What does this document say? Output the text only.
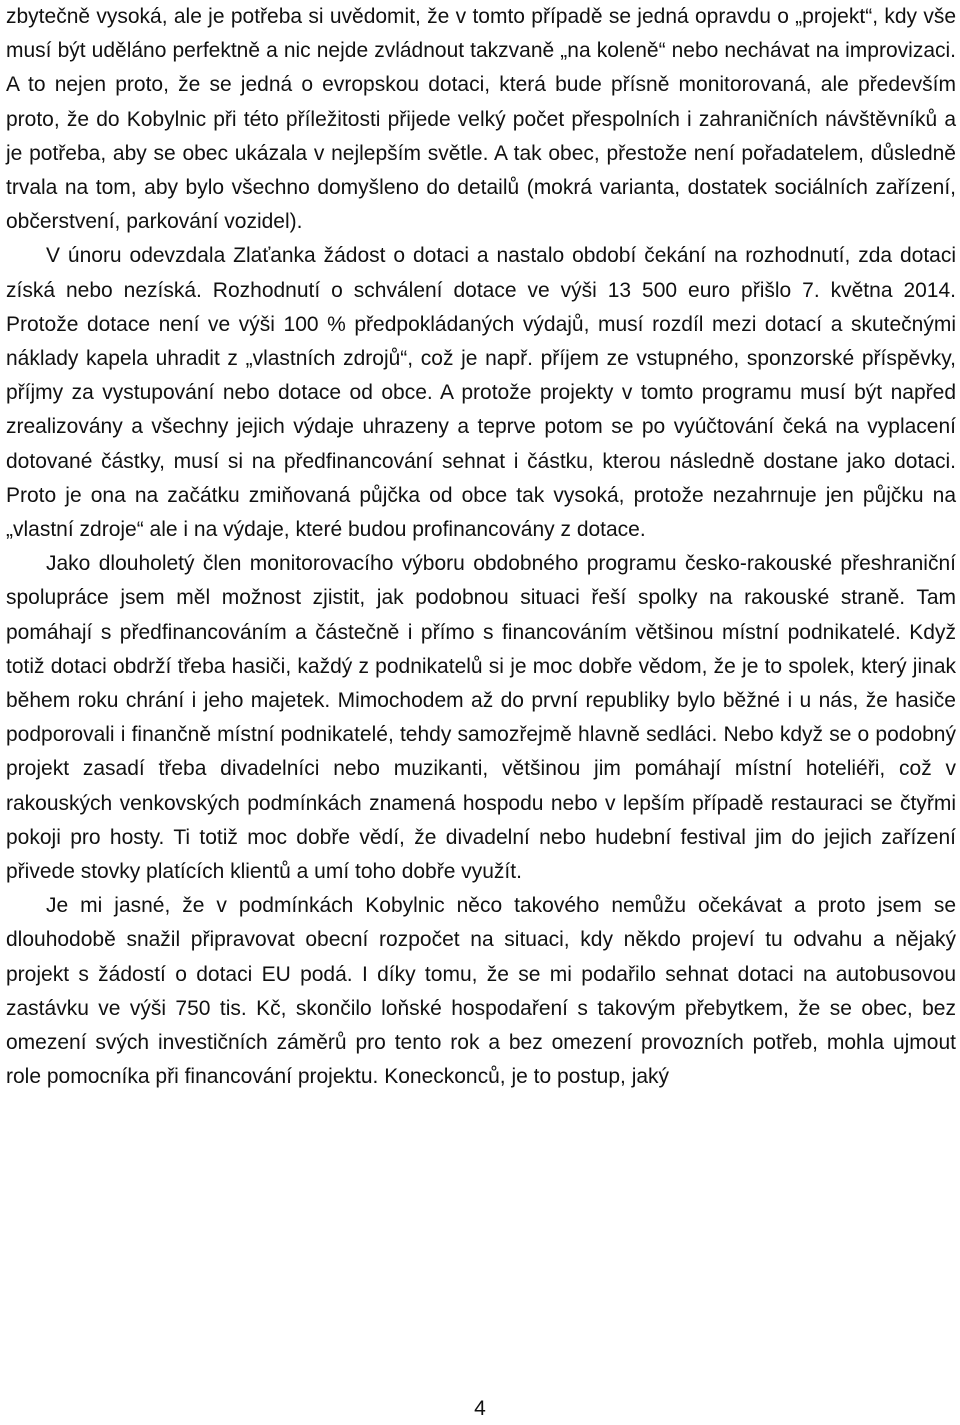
zbytečně vysoká, ale je potřeba si uvědomit, že v tomto případě se jedná opravdu o „projekt“, kdy vše musí být uděláno perfektně a nic nejde zvládnout takzvaně „na koleně“ nebo nechávat na improvizaci. A to nejen proto, že se jedná o evropskou dotaci, která bude přísně monitorovaná, ale především proto, že do Kobylnic při této příležitosti přijede velký počet přespolních i zahraničních návštěvníků a je potřeba, aby se obec ukázala v nejlepším světle. A tak obec, přestože není pořadatelem, důsledně trvala na tom, aby bylo všechno domyšleno do detailů (mokrá varianta, dostatek sociálních zařízení, občerstvení, parkování vozidel).

V únoru odevzdala Zlaťanka žádost o dotaci a nastalo období čekání na rozhodnutí, zda dotaci získá nebo nezíská. Rozhodnutí o schválení dotace ve výši 13 500 euro přišlo 7. května 2014. Protože dotace není ve výši 100 % předpokládaných výdajů, musí rozdíl mezi dotací a skutečnými náklady kapela uhradit z „vlastních zdrojů“, což je např. příjem ze vstupného, sponzorské příspěvky, příjmy za vystupování nebo dotace od obce. A protože projekty v tomto programu musí být napřed zrealizovány a všechny jejich výdaje uhrazeny a teprve potom se po vyúčtování čeká na vyplacení dotované částky, musí si na předfinancování sehnat i částku, kterou následně dostane jako dotaci. Proto je ona na začátku zmiňovaná půjčka od obce tak vysoká, protože nezahrnuje jen půjčku na „vlastní zdroje“ ale i na výdaje, které budou profinancovány z dotace.

Jako dlouholetý člen monitorovacího výboru obdobného programu česko-rakouské přeshraniční spolupráce jsem měl možnost zjistit, jak podobnou situaci řeší spolky na rakouské straně. Tam pomáhají s předfinancováním a částečně i přímo s financováním většinou místní podnikatelé. Když totiž dotaci obdrží třeba hasiči, každý z podnikatelů si je moc dobře vědom, že je to spolek, který jinak během roku chrání i jeho majetek. Mimochodem až do první republiky bylo běžné i u nás, že hasiče podporovali i finančně místní podnikatelé, tehdy samozřejmě hlavně sedláci. Nebo když se o podobný projekt zasadí třeba divadelníci nebo muzikanti, většinou jim pomáhají místní hoteliéři, což v rakouských venkovských podmínkách znamená hospodu nebo v lepším případě restauraci se čtyřmi pokoji pro hosty. Ti totiž moc dobře vědí, že divadelní nebo hudební festival jim do jejich zařízení přivede stovky platících klientů a umí toho dobře využít.

Je mi jasné, že v podmínkách Kobylnic něco takového nemůžu očekávat a proto jsem se dlouhodobě snažil připravovat obecní rozpočet na situaci, kdy někdo projeví tu odvahu a nějaký projekt s žádostí o dotaci EU podá. I díky tomu, že se mi podařilo sehnat dotaci na autobusovou zastávku ve výši 750 tis. Kč, skončilo loňské hospodaření s takovým přebytkem, že se obec, bez omezení svých investičních záměrů pro tento rok a bez omezení provozních potřeb, mohla ujmout role pomocníka při financování projektu. Koneckonců, je to postup, jaký

4
